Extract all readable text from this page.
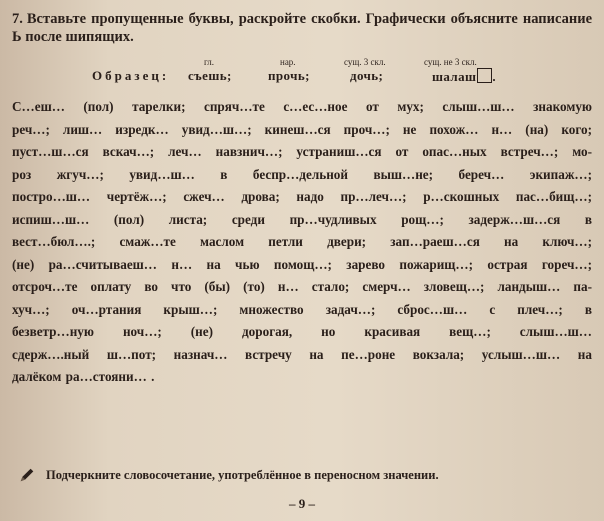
7. Вставьте пропущенные буквы, раскройте скобки. Графически объясните написание Ь после шипящих.

Образец: съешь;
гл.
прочь;
нар.
дочь;
сущ. 3 скл.
шалаш .
сущ. не 3 скл.
С…еш… (пол) тарелки; спряч…те с…ес…ное от мух; слыш…ш… знакомую
реч…; лиш… изредк… увид…ш…; кинеш…ся проч…; не похож… н… (на) кого;
пуст…ш…ся вскач…; леч… навзнич…; устраниш…ся от опас…ных встреч…; мо-
роз жгуч…; увид…ш… в беспр…дельной выш…не; береч… экипаж…;
постро…ш… чертёж…; сжеч… дрова; надо пр…леч…; р…скошных пас…бищ…;
испиш…ш… (пол) листа; среди пр…чудливых рощ…; задерж…ш…ся в
вест…бюл….; смаж…те маслом петли двери; зап…раеш…ся на ключ…;
(не) ра…считываеш… н… на чью помощ…; зарево пожарищ…; острая гореч…;
отсроч…те оплату во что (бы) (то) н… стало; смерч… зловещ…; ландыш… па-
хуч…; оч…ртания крыш…; множество задач…; сброс…ш… с плеч…; в
безветр…ную ноч…; (не) дорогая, но красивая вещ…; слыш…ш…
сдерж….ный ш…пот; назнач… встречу на пе…роне вокзала; услыш…ш… на
далёком ра…стояни… .
Подчеркните словосочетание, употреблённое в переносном значении.
– 9 –
